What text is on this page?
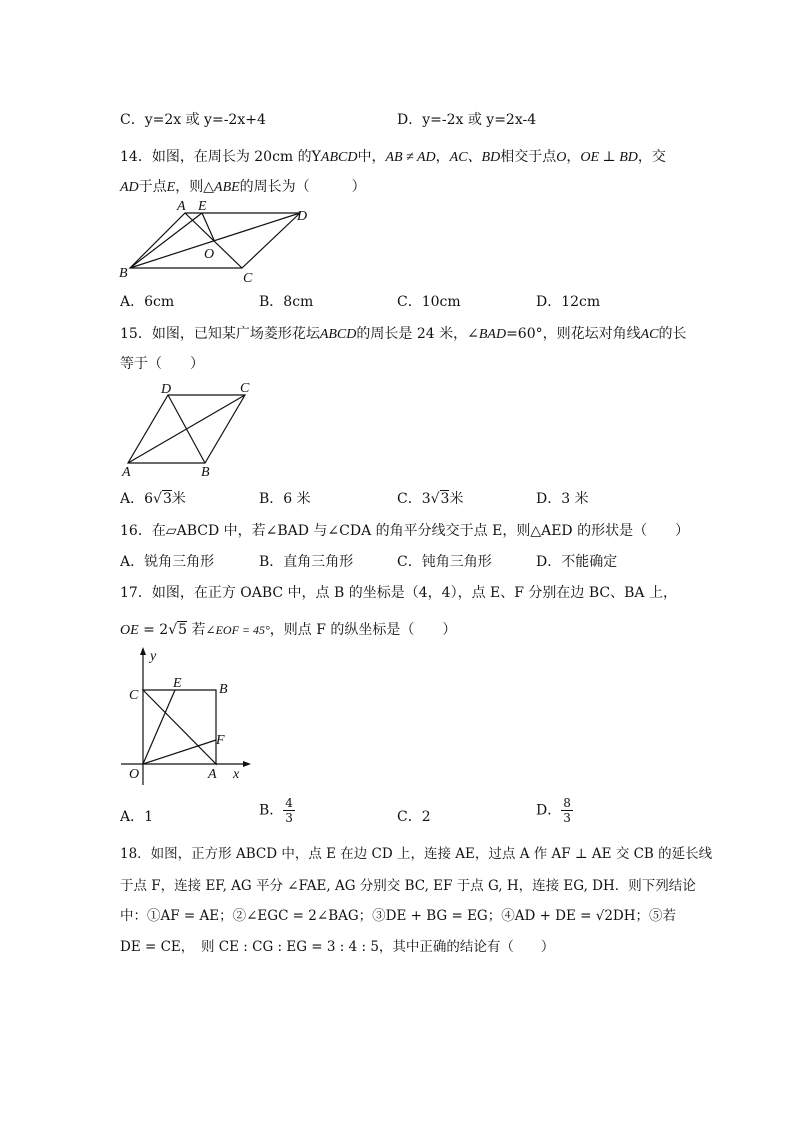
C．y=2x 或 y=-2x+4	D．y=-2x 或 y=2x-4
14．如图，在周长为 20cm 的YABCD中，AB ≠ AD，AC、BD相交于点O，OE ⊥ BD，交
AD于点E，则△ABE的周长为（　　　）
A E
D
O
B	C
A．6cm	B．8cm	C．10cm	D．12cm
15．如图，已知某广场菱形花坛ABCD的周长是 24 米，∠BAD=60°，则花坛对角线AC的长
等于（　　）
D	C
A	B
A．6√3米	B．6 米	C．3√3米	D．3 米
16．在▱ABCD 中，若∠BAD 与∠CDA 的角平分线交于点 E，则△AED 的形状是（　　）
A．锐角三角形	B．直角三角形	C．钝角三角形	D．不能确定
17．如图，在正方 OABC 中，点 B 的坐标是（4，4），点 E、F 分别在边 BC、BA 上，
OE = 2√5 若∠EOF = 45°，则点 F 的纵坐标是（　　）
y
x
C
E	B
F
O	A
A．1	B． $\frac{4}{3}$	C．2	D． $\frac{8}{3}$
18．如图，正方形 ABCD 中，点 E 在边 CD 上，连接 AE，过点 A 作 AF ⊥ AE 交 CB 的延长线
于点 F，连接 EF, AG 平分 ∠FAE, AG 分别交 BC, EF 于点 G, H，连接 EG, DH．则下列结论
中：①AF = AE；②∠EGC = 2∠BAG；③DE + BG = EG；④AD + DE = √2DH；⑤若
DE = CE，　则 CE : CG : EG = 3 : 4 : 5，其中正确的结论有（　　）
